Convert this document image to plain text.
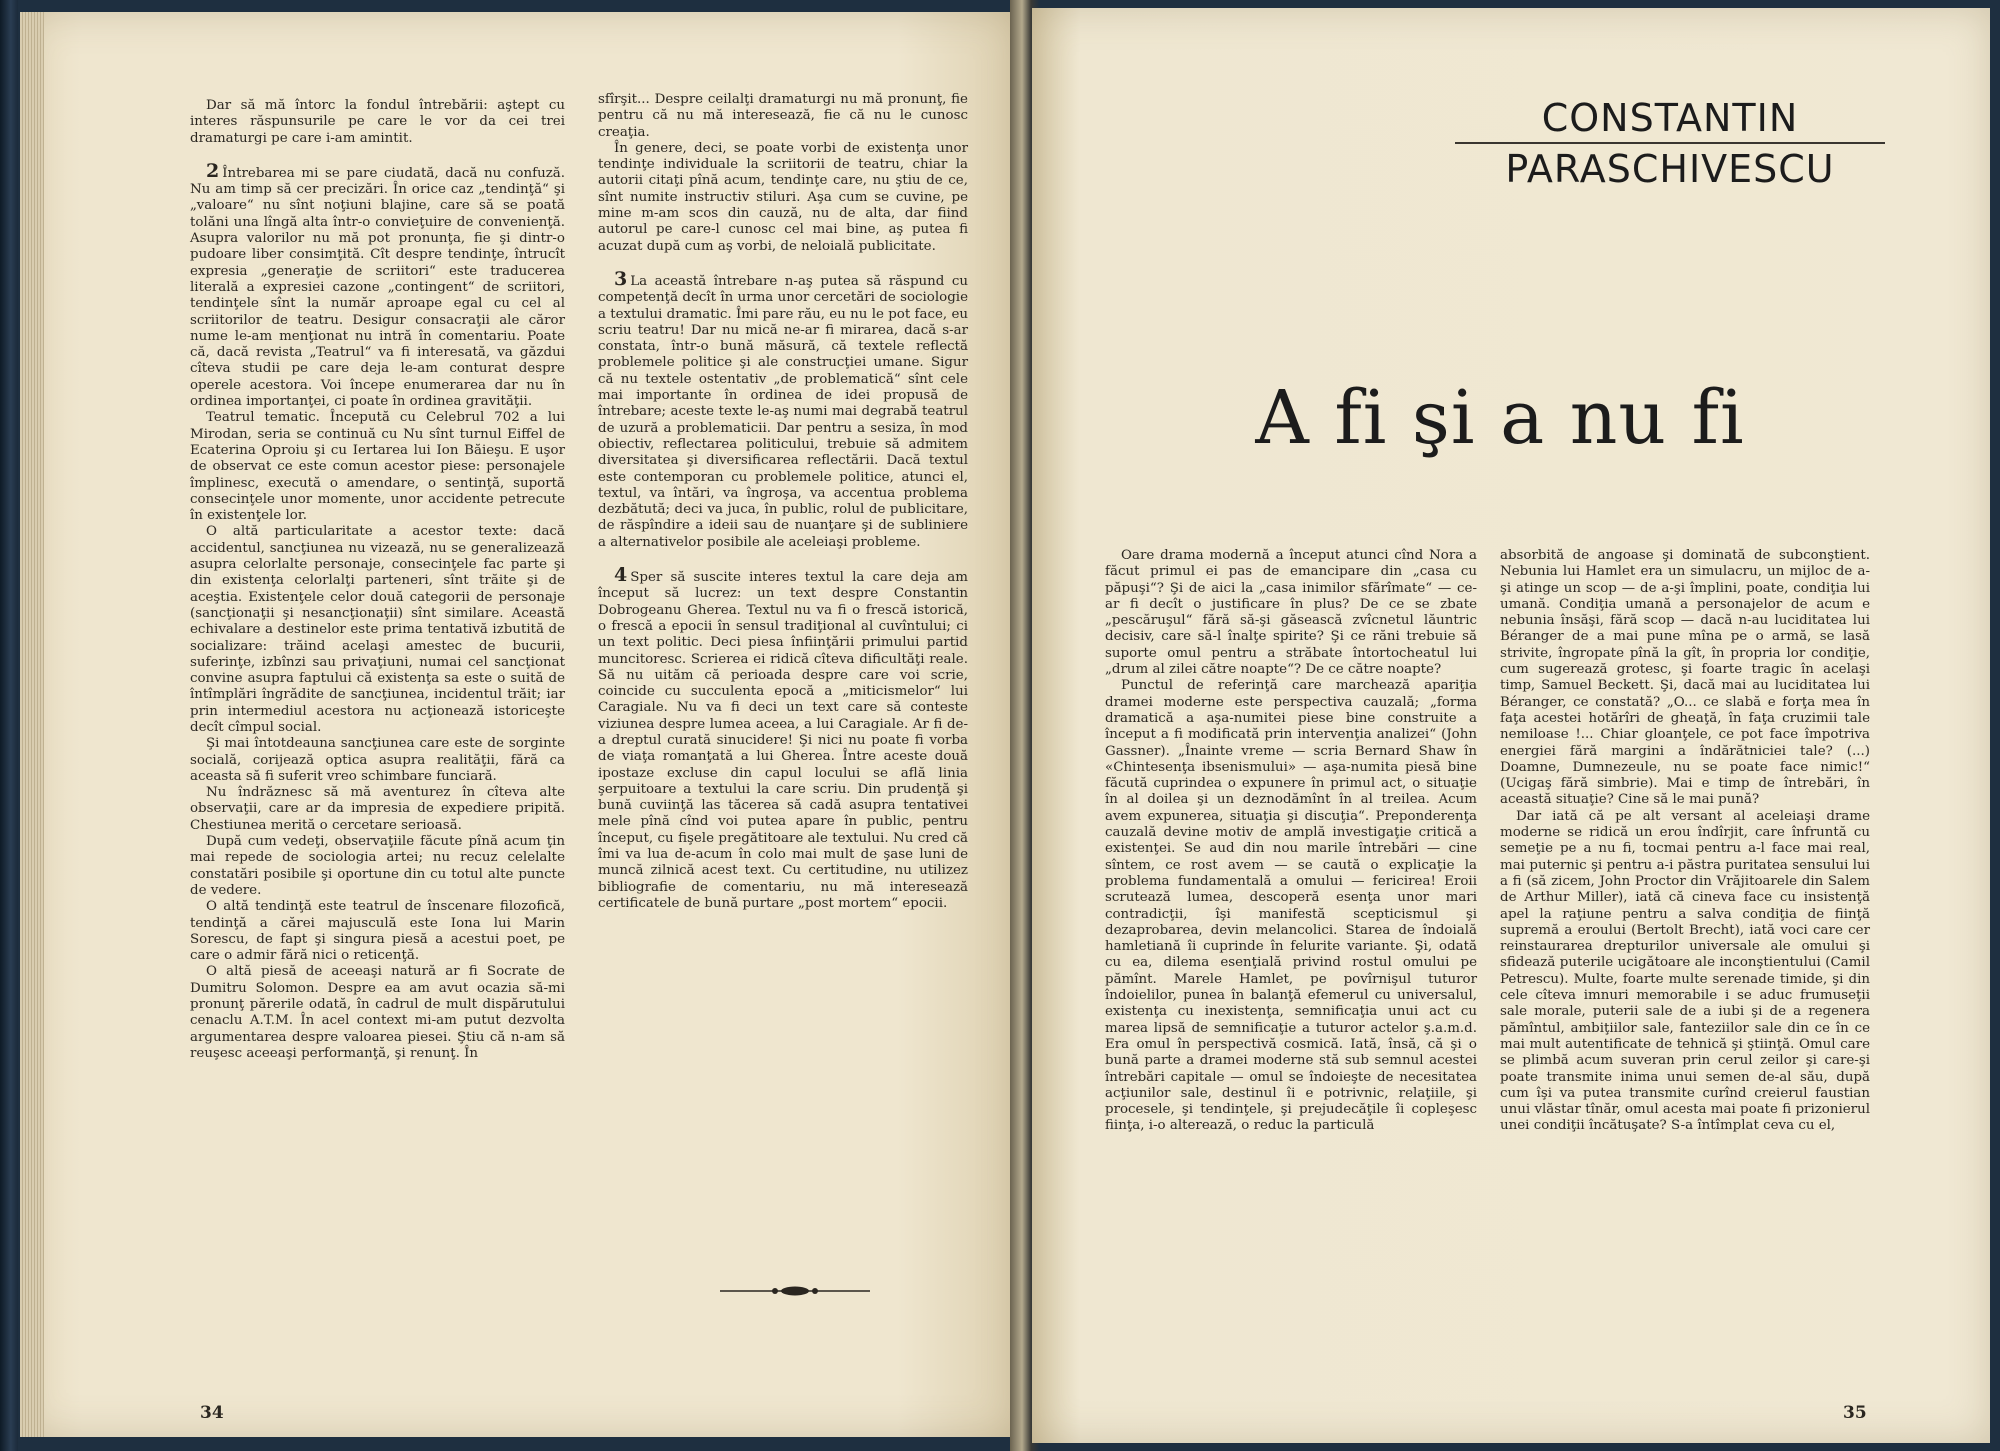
Dar să mă întorc la fondul întrebării: aştept cu interes răspunsurile pe care le vor da cei trei dramaturgi pe care i-am amintit.

2 Întrebarea mi se pare ciudată, dacă nu confuză. Nu am timp să cer precizări. În orice caz „tendinţă“ şi „valoare“ nu sînt noţiuni blajine, care să se poată tolăni una lîngă alta într-o convieţuire de convenienţă. Asupra valorilor nu mă pot pronunţa, fie şi dintr-o pudoare liber consimţită. Cît despre tendinţe, întrucît expresia „generaţie de scriitori“ este traducerea literală a expresiei cazone „contingent“ de scriitori, tendinţele sînt la număr aproape egal cu cel al scriitorilor de teatru. Desigur consacraţii ale căror nume le-am menţionat nu intră în comentariu. Poate că, dacă revista „Teatrul“ va fi interesată, va găzdui cîteva studii pe care deja le-am conturat despre operele acestora. Voi începe enumerarea dar nu în ordinea importanţei, ci poate în ordinea gravităţii.

Teatrul tematic. Începută cu Celebrul 702 a lui Mirodan, seria se continuă cu Nu sînt turnul Eiffel de Ecaterina Oproiu şi cu Iertarea lui Ion Băieşu. E uşor de observat ce este comun acestor piese: personajele împlinesc, execută o amendare, o sentinţă, suportă consecinţele unor momente, unor accidente petrecute în existenţele lor.

O altă particularitate a acestor texte: dacă accidentul, sancţiunea nu vizează, nu se generalizează asupra celorlalte personaje, consecinţele fac parte şi din existenţa celorlalţi parteneri, sînt trăite şi de aceştia. Existenţele celor două categorii de personaje (sancţionaţii şi nesancţionaţii) sînt similare. Această echivalare a destinelor este prima tentativă izbutită de socializare: trăind acelaşi amestec de bucurii, suferinţe, izbînzi sau privaţiuni, numai cel sancţionat convine asupra faptului că existenţa sa este o suită de întîmplări îngrădite de sancţiunea, incidentul trăit; iar prin intermediul acestora nu acţionează istoriceşte decît cîmpul social.

Şi mai întotdeauna sancţiunea care este de sorginte socială, corijează optica asupra realităţii, fără ca aceasta să fi suferit vreo schimbare funciară.

Nu îndrăznesc să mă aventurez în cîteva alte observaţii, care ar da impresia de expediere pripită. Chestiunea merită o cercetare serioasă.

După cum vedeţi, observaţiile făcute pînă acum ţin mai repede de sociologia artei; nu recuz celelalte constatări posibile şi oportune din cu totul alte puncte de vedere.

O altă tendinţă este teatrul de înscenare filozofică, tendinţă a cărei majusculă este Iona lui Marin Sorescu, de fapt şi singura piesă a acestui poet, pe care o admir fără nici o reticenţă.

O altă piesă de aceeaşi natură ar fi Socrate de Dumitru Solomon. Despre ea am avut ocazia să-mi pronunţ părerile odată, în cadrul de mult dispărutului cenaclu A.T.M. În acel context mi-am putut dezvolta argumentarea despre valoarea piesei. Ştiu că n-am să reuşesc aceeaşi performanţă, şi renunţ. În

sfîrşit... Despre ceilalţi dramaturgi nu mă pronunţ, fie pentru că nu mă interesează, fie că nu le cunosc creaţia.

În genere, deci, se poate vorbi de existenţa unor tendinţe individuale la scriitorii de teatru, chiar la autorii citaţi pînă acum, tendinţe care, nu ştiu de ce, sînt numite instructiv stiluri. Aşa cum se cuvine, pe mine m-am scos din cauză, nu de alta, dar fiind autorul pe care-l cunosc cel mai bine, aş putea fi acuzat după cum aş vorbi, de neloială publicitate.

3 La această întrebare n-aş putea să răspund cu competenţă decît în urma unor cercetări de sociologie a textului dramatic. Îmi pare rău, eu nu le pot face, eu scriu teatru! Dar nu mică ne-ar fi mirarea, dacă s-ar constata, într-o bună măsură, că textele reflectă problemele politice şi ale construcţiei umane. Sigur că nu textele ostentativ „de problematică“ sînt cele mai importante în ordinea de idei propusă de întrebare; aceste texte le-aş numi mai degrabă teatrul de uzură a problematicii. Dar pentru a sesiza, în mod obiectiv, reflectarea politicului, trebuie să admitem diversitatea şi diversificarea reflectării. Dacă textul este contemporan cu problemele politice, atunci el, textul, va întări, va îngroşa, va accentua problema dezbătută; deci va juca, în public, rolul de publicitare, de răspîndire a ideii sau de nuanţare şi de subliniere a alternativelor posibile ale aceleiaşi probleme.

4 Sper să suscite interes textul la care deja am început să lucrez: un text despre Constantin Dobrogeanu Gherea. Textul nu va fi o frescă istorică, o frescă a epocii în sensul tradiţional al cuvîntului; ci un text politic. Deci piesa înfiinţării primului partid muncitoresc. Scrierea ei ridică cîteva dificultăţi reale. Să nu uităm că perioada despre care voi scrie, coincide cu succulenta epocă a „miticismelor“ lui Caragiale. Nu va fi deci un text care să conteste viziunea despre lumea aceea, a lui Caragiale. Ar fi de-a dreptul curată sinucidere! Şi nici nu poate fi vorba de viaţa romanţată a lui Gherea. Între aceste două ipostaze excluse din capul locului se află linia şerpuitoare a textului la care scriu. Din prudenţă şi bună cuviinţă las tăcerea să cadă asupra tentativei mele pînă cînd voi putea apare în public, pentru început, cu fişele pregătitoare ale textului. Nu cred că îmi va lua de-acum în colo mai mult de şase luni de muncă zilnică acest text. Cu certitudine, nu utilizez bibliografie de comentariu, nu mă interesează certificatele de bună purtare „post mortem“ epocii.

34
CONSTANTIN
PARASCHIVESCU
A fi şi a nu fi

Oare drama modernă a început atunci cînd Nora a făcut primul ei pas de emancipare din „casa cu păpuşi“? Şi de aici la „casa inimilor sfărîmate“ — ce-ar fi decît o justificare în plus? De ce se zbate „pescăruşul“ fără să-şi găsească zvîcnetul lăuntric decisiv, care să-l înalţe spirite? Şi ce răni trebuie să suporte omul pentru a străbate întortocheatul lui „drum al zilei către noapte“? De ce către noapte?

Punctul de referinţă care marchează apariţia dramei moderne este perspectiva cauzală; „forma dramatică a aşa-numitei piese bine construite a început a fi modificată prin intervenţia analizei“ (John Gassner). „Înainte vreme — scria Bernard Shaw în «Chintesenţa ibsenismului» — aşa-numita piesă bine făcută cuprindea o expunere în primul act, o situaţie în al doilea şi un deznodămînt în al treilea. Acum avem expunerea, situaţia şi discuţia“. Preponderenţa cauzală devine motiv de amplă investigaţie critică a existenţei. Se aud din nou marile întrebări — cine sîntem, ce rost avem — se caută o explicaţie la problema fundamentală a omului — fericirea! Eroii scrutează lumea, descoperă esenţa unor mari contradicţii, îşi manifestă scepticismul şi dezaprobarea, devin melancolici. Starea de îndoială hamletiană îi cuprinde în felurite variante. Şi, odată cu ea, dilema esenţială privind rostul omului pe pămînt. Marele Hamlet, pe povîrnişul tuturor îndoielilor, punea în balanţă efemerul cu universalul, existenţa cu inexistenţa, semnificaţia unui act cu marea lipsă de semnificaţie a tuturor actelor ş.a.m.d. Era omul în perspectivă cosmică. Iată, însă, că şi o bună parte a dramei moderne stă sub semnul acestei întrebări capitale — omul se îndoieşte de necesitatea acţiunilor sale, destinul îi e potrivnic, relaţiile, şi procesele, şi tendinţele, şi prejudecăţile îi copleşesc fiinţa, i-o alterează, o reduc la particulă

absorbită de angoase şi dominată de subconştient. Nebunia lui Hamlet era un simulacru, un mijloc de a-şi atinge un scop — de a-şi împlini, poate, condiţia lui umană. Condiţia umană a personajelor de acum e nebunia însăşi, fără scop — dacă n-au luciditatea lui Béranger de a mai pune mîna pe o armă, se lasă strivite, îngropate pînă la gît, în propria lor condiţie, cum sugerează grotesc, şi foarte tragic în acelaşi timp, Samuel Beckett. Şi, dacă mai au luciditatea lui Béranger, ce constată? „O... ce slabă e forţa mea în faţa acestei hotărîri de gheaţă, în faţa cruzimii tale nemiloase !... Chiar gloanţele, ce pot face împotriva energiei fără margini a îndărătniciei tale? (...) Doamne, Dumnezeule, nu se poate face nimic!“ (Ucigaş fără simbrie). Mai e timp de întrebări, în această situaţie? Cine să le mai pună?

Dar iată că pe alt versant al aceleiaşi drame moderne se ridică un erou îndîrjit, care înfruntă cu semeţie pe a nu fi, tocmai pentru a-l face mai real, mai puternic şi pentru a-i păstra puritatea sensului lui a fi (să zicem, John Proctor din Vrăjitoarele din Salem de Arthur Miller), iată că cineva face cu insistenţă apel la raţiune pentru a salva condiţia de fiinţă supremă a eroului (Bertolt Brecht), iată voci care cer reinstaurarea drepturilor universale ale omului şi sfidează puterile ucigătoare ale inconştientului (Camil Petrescu). Multe, foarte multe serenade timide, şi din cele cîteva imnuri memorabile i se aduc frumuseţii sale morale, puterii sale de a iubi şi de a regenera pămîntul, ambiţiilor sale, fanteziilor sale din ce în ce mai mult autentificate de tehnică şi ştiinţă. Omul care se plimbă acum suveran prin cerul zeilor şi care-şi poate transmite inima unui semen de-al său, după cum îşi va putea transmite curînd creierul faustian unui vlăstar tînăr, omul acesta mai poate fi prizonierul unei condiţii încătuşate? S-a întîmplat ceva cu el,

35
